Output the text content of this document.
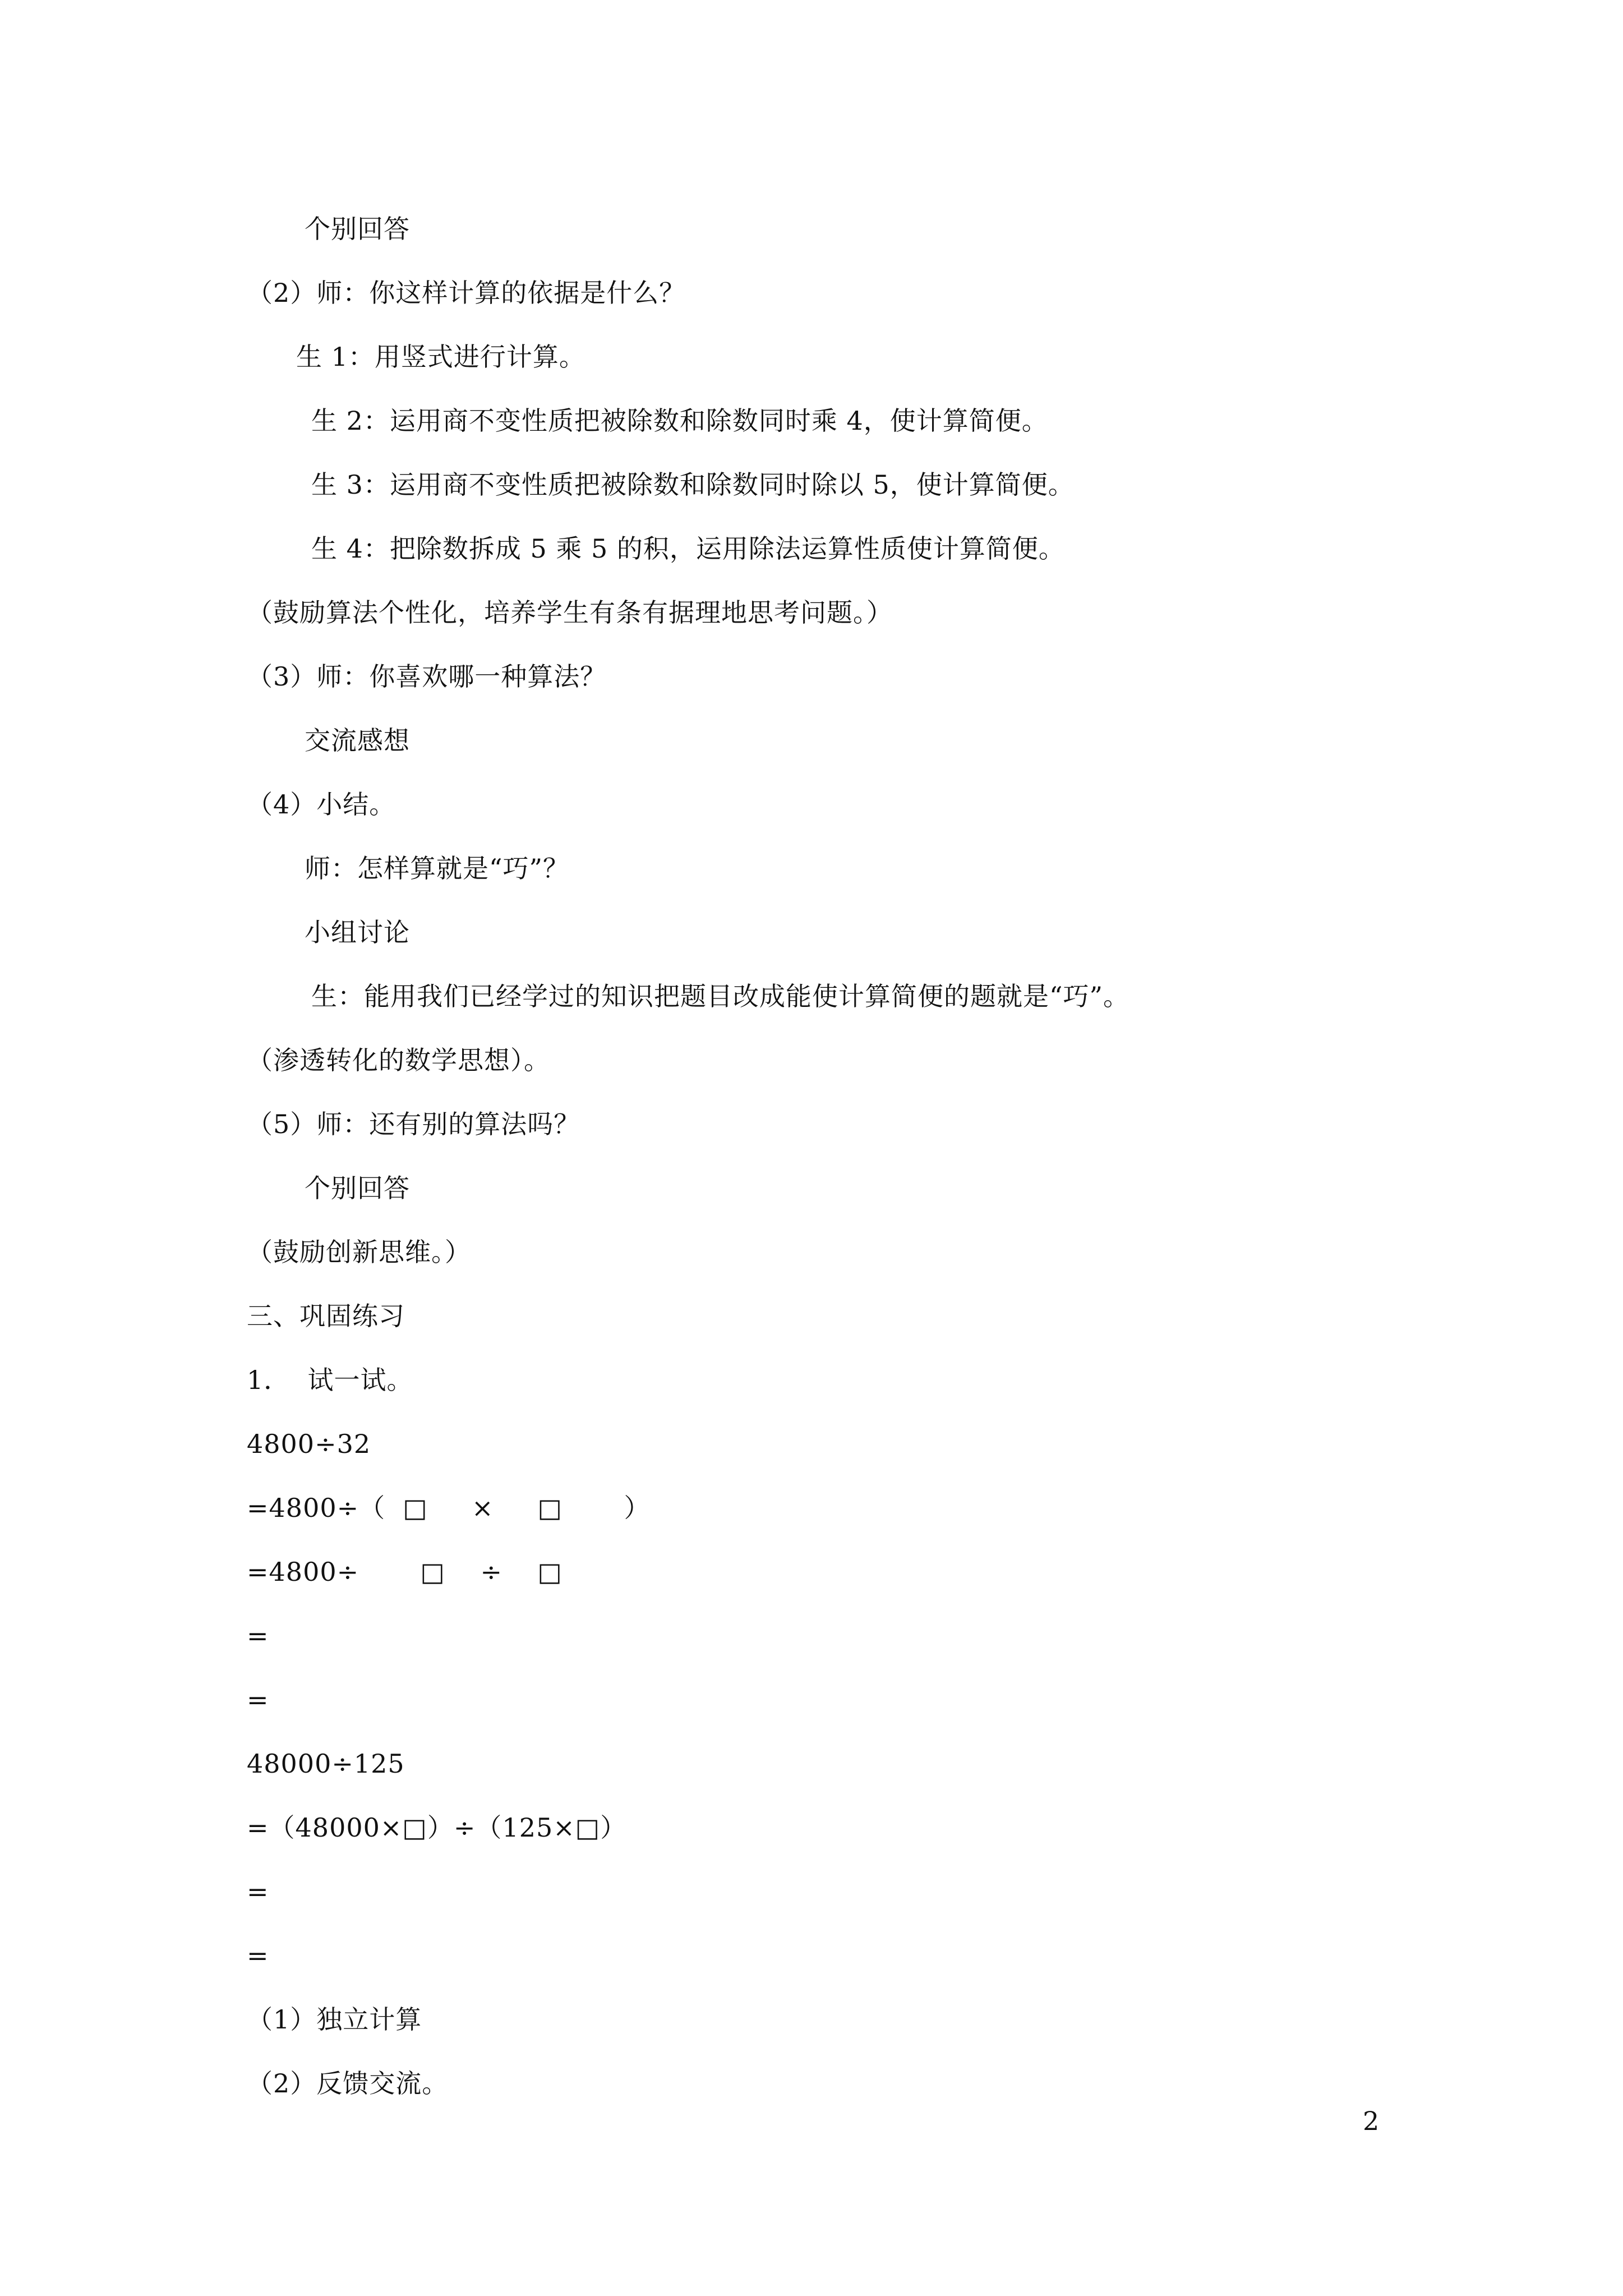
个别回答
（2）师：你这样计算的依据是什么？
生 1：用竖式进行计算。
生 2：运用商不变性质把被除数和除数同时乘 4，使计算简便。
生 3：运用商不变性质把被除数和除数同时除以 5，使计算简便。
生 4：把除数拆成 5 乘 5 的积，运用除法运算性质使计算简便。
（鼓励算法个性化，培养学生有条有据理地思考问题。）
（3）师：你喜欢哪一种算法？
交流感想
（4）小结。
师：怎样算就是“巧”？
小组讨论
生：能用我们已经学过的知识把题目改成能使计算简便的题就是“巧”。
（渗透转化的数学思想）。
（5）师：还有别的算法吗？
个别回答
（鼓励创新思维。）
三、巩固练习
1．  试一试。
4800÷32
=4800÷（  □     ×     □       ）
=4800÷       □    ÷    □
=
=
48000÷125
=（48000×□）÷（125×□）
=
=
（1）独立计算
（2）反馈交流。
2
